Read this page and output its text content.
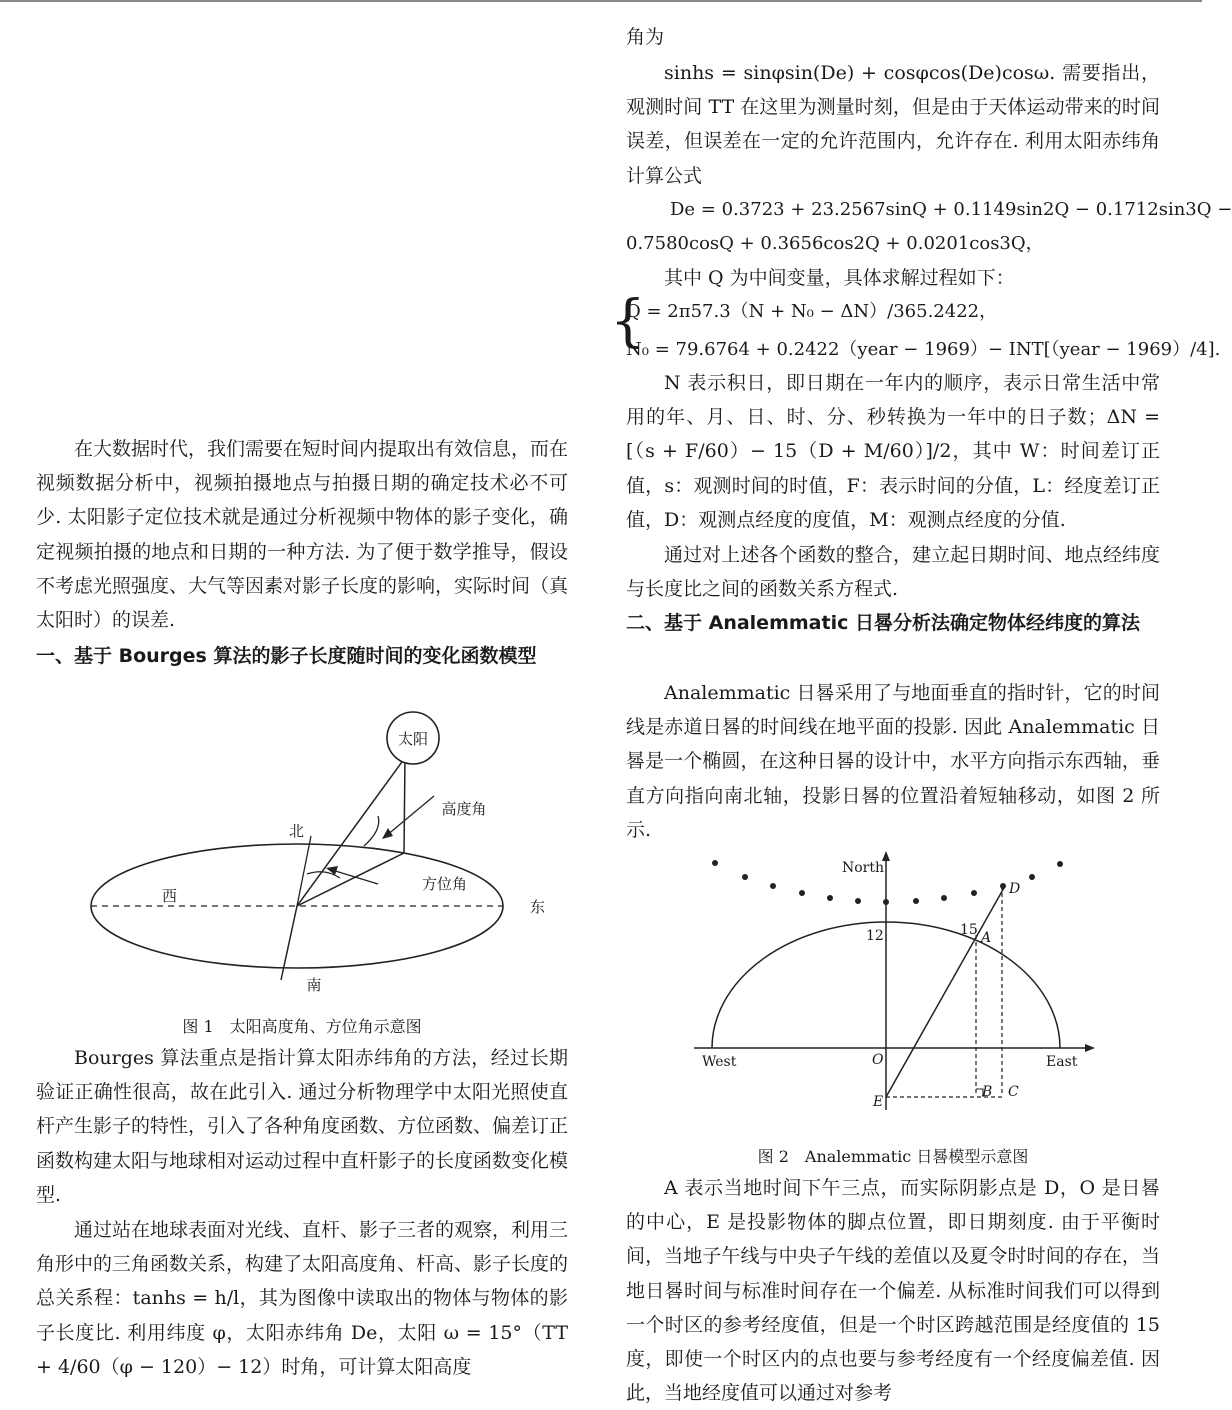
在大数据时代，我们需要在短时间内提取出有效信息，而在视频数据分析中，视频拍摄地点与拍摄日期的确定技术必不可少. 太阳影子定位技术就是通过分析视频中物体的影子变化，确定视频拍摄的地点和日期的一种方法. 为了便于数学推导，假设不考虑光照强度、大气等因素对影子长度的影响，实际时间（真太阳时）的误差.

一、基于 Bourges 算法的影子长度随时间的变化函数模型

太阳
高度角
北
方位角
西
东
南

图 1　太阳高度角、方位角示意图

Bourges 算法重点是指计算太阳赤纬角的方法，经过长期验证正确性很高，故在此引入. 通过分析物理学中太阳光照使直杆产生影子的特性，引入了各种角度函数、方位函数、偏差订正函数构建太阳与地球相对运动过程中直杆影子的长度函数变化模型.

通过站在地球表面对光线、直杆、影子三者的观察，利用三角形中的三角函数关系，构建了太阳高度角、杆高、影子长度的总关系程：tanhs = h/l，其为图像中读取出的物体与物体的影子长度比. 利用纬度 φ，太阳赤纬角 De，太阳 ω = 15°（TT + 4/60（φ − 120）− 12）时角，可计算太阳高度

角为

sinhs = sinφsin(De) + cosφcos(De)cosω. 需要指出，观测时间 TT 在这里为测量时刻，但是由于天体运动带来的时间误差，但误差在一定的允许范围内，允许存在. 利用太阳赤纬角计算公式

De = 0.3723 + 23.2567sinQ + 0.1149sin2Q − 0.1712sin3Q −

0.7580cosQ + 0.3656cos2Q + 0.0201cos3Q，

其中 Q 为中间变量，具体求解过程如下：

{

Q = 2π57.3（N + N₀ − ΔN）/365.2422，

N₀ = 79.6764 + 0.2422（year − 1969）− INT[（year − 1969）/4].

N 表示积日，即日期在一年内的顺序，表示日常生活中常用的年、月、日、时、分、秒转换为一年中的日子数；ΔN = [（s + F/60）− 15（D + M/60）]/2，其中 W：时间差订正值，s：观测时间的时值，F：表示时间的分值，L：经度差订正值，D：观测点经度的度值，M：观测点经度的分值.

通过对上述各个函数的整合，建立起日期时间、地点经纬度与长度比之间的函数关系方程式.

二、基于 Analemmatic 日晷分析法确定物体经纬度的算法

Analemmatic 日晷采用了与地面垂直的指时针，它的时间线是赤道日晷的时间线在地平面的投影. 因此 Analemmatic 日晷是一个椭圆，在这种日晷的设计中，水平方向指示东西轴，垂直方向指向南北轴，投影日晷的位置沿着短轴移动，如图 2 所示.

North
West	East
12	15 A
D
O
E
B C

图 2　Analemmatic 日晷模型示意图

A 表示当地时间下午三点，而实际阴影点是 D，O 是日晷的中心，E 是投影物体的脚点位置，即日期刻度. 由于平衡时间，当地子午线与中央子午线的差值以及夏令时时间的存在，当地日晷时间与标准时间存在一个偏差. 从标准时间我们可以得到一个时区的参考经度值，但是一个时区跨越范围是经度值的 15 度，即使一个时区内的点也要与参考经度有一个经度偏差值. 因此，当地经度值可以通过对参考
